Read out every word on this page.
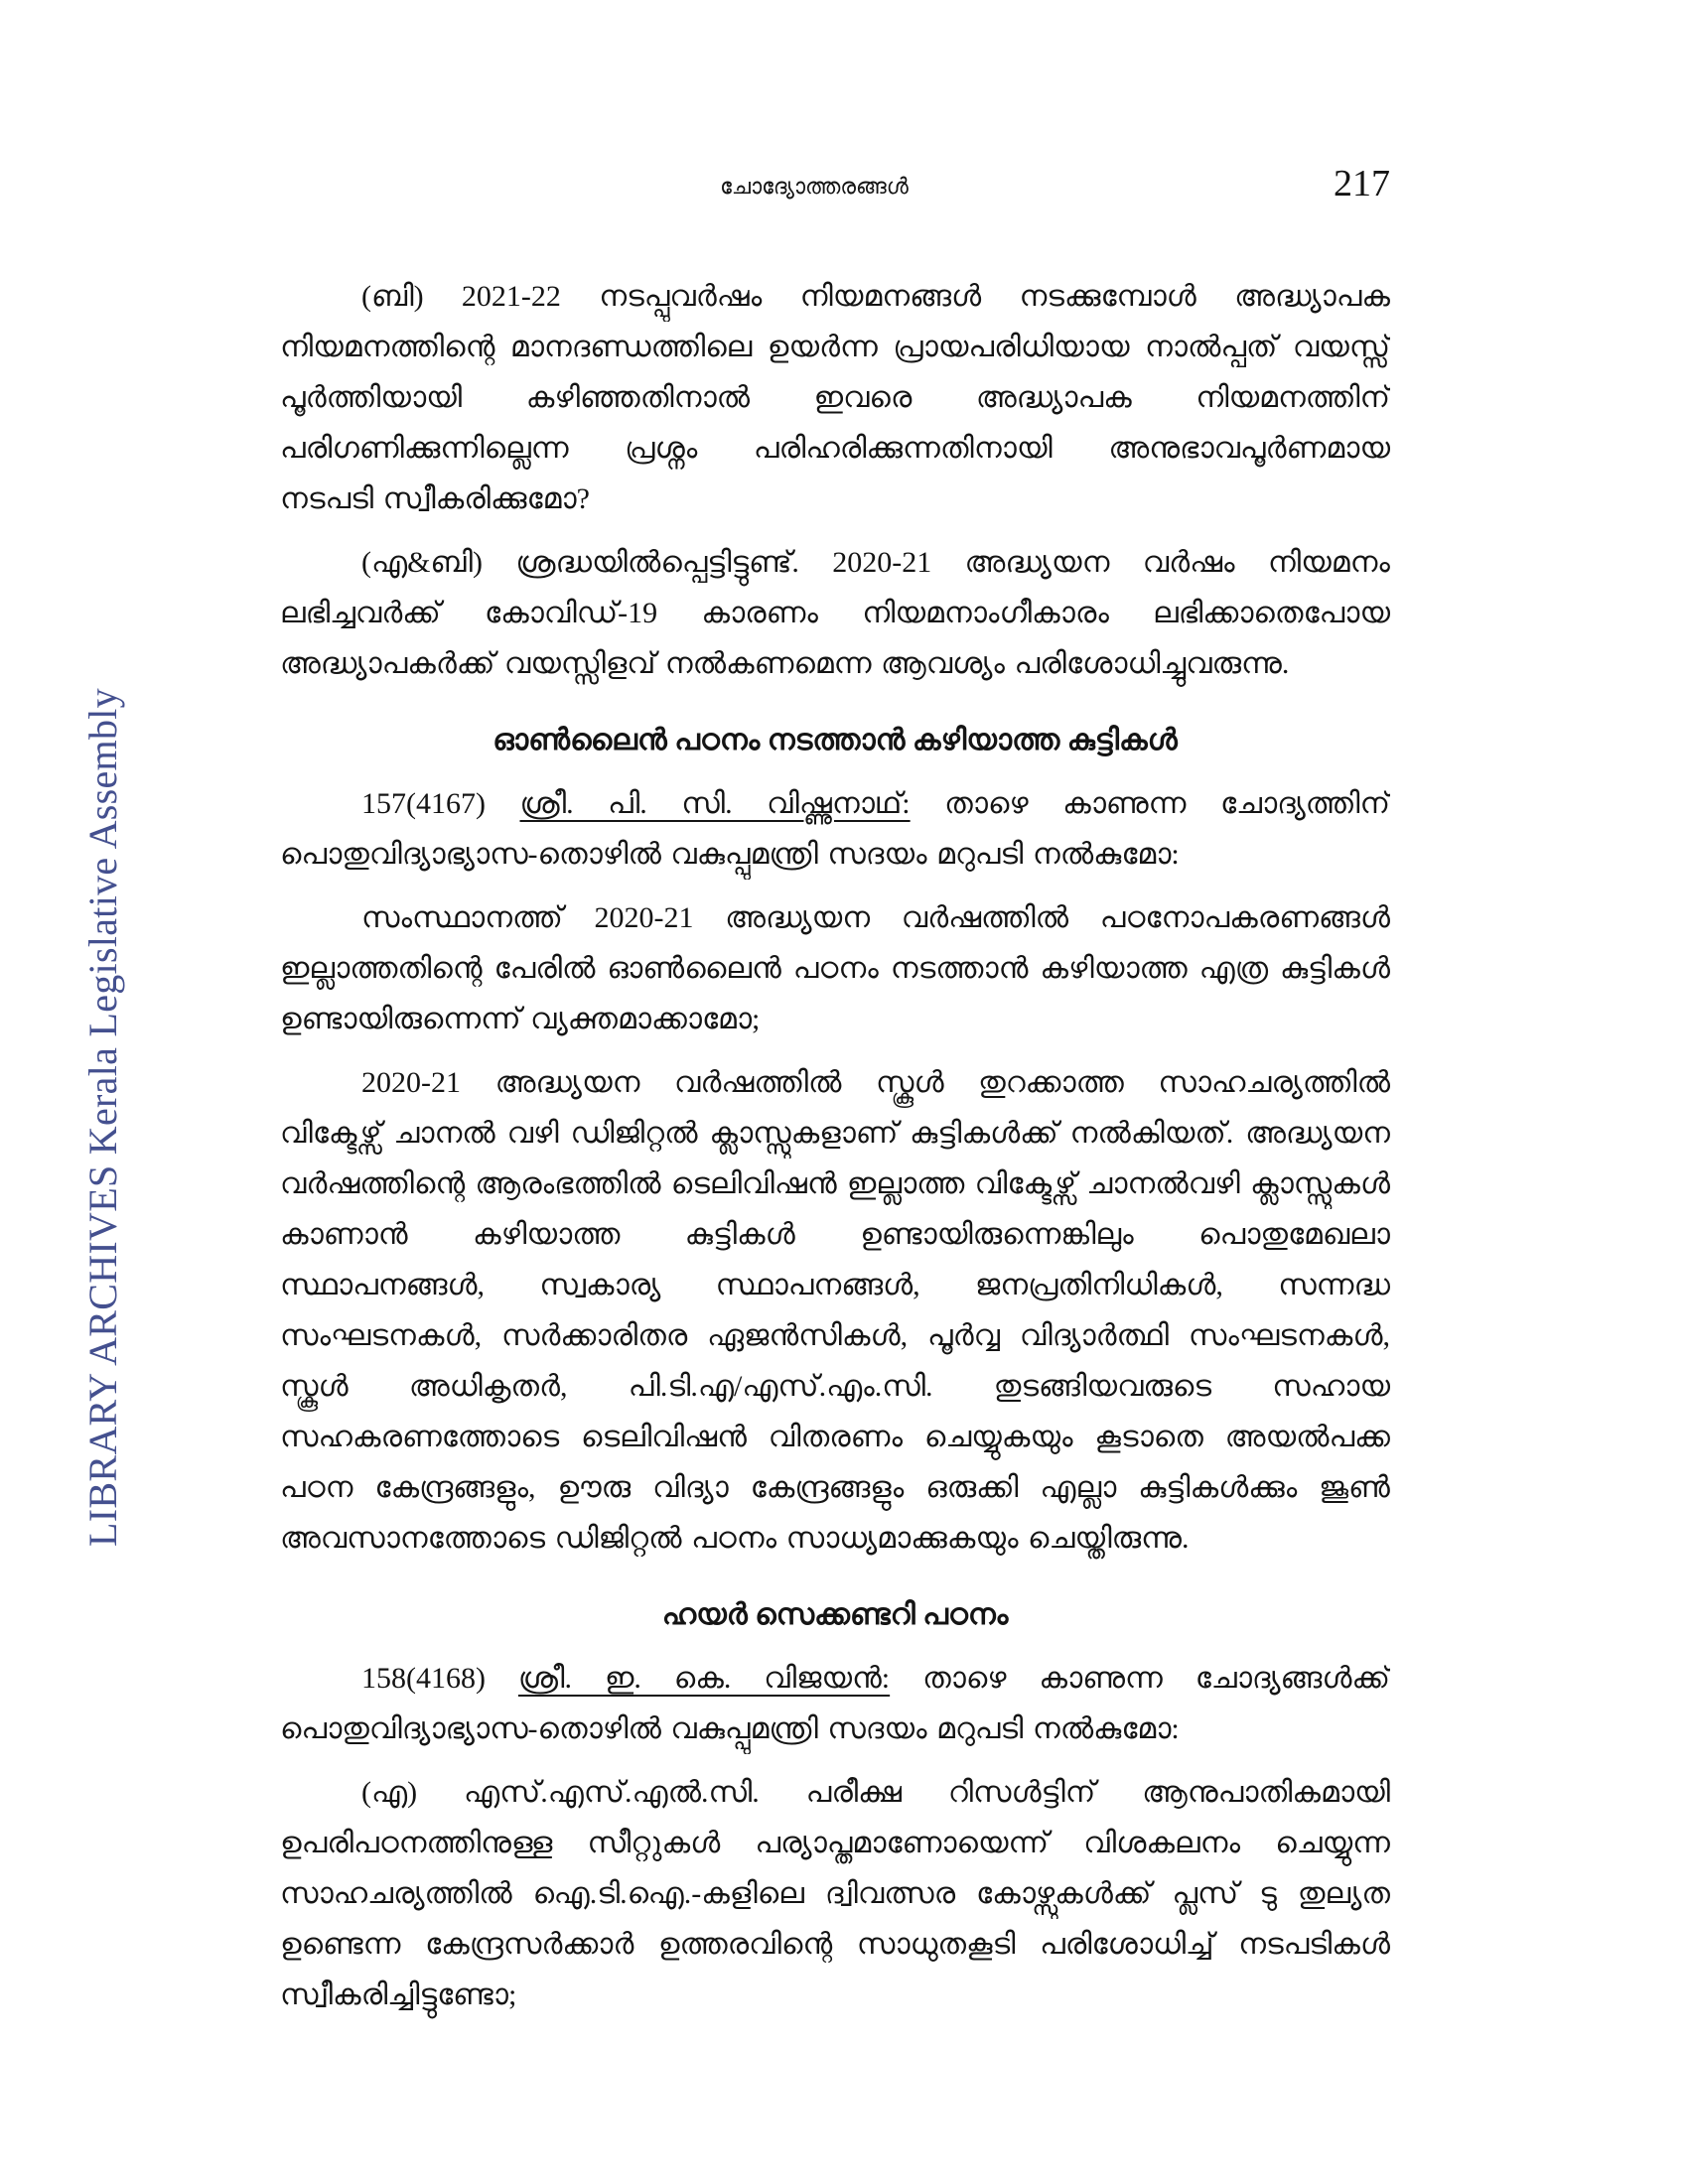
LIBRARY ARCHIVES Kerala Legislative Assembly
ചോദ്യോത്തരങ്ങൾ	217
(ബി) 2021-22 നടപ്പുവർഷം നിയമനങ്ങൾ നടക്കുമ്പോൾ അദ്ധ്യാപക
നിയമനത്തിന്റെ മാനദണ്ഡത്തിലെ ഉയർന്ന പ്രായപരിധിയായ നാൽപ്പത് വയസ്സ്
പൂർത്തിയായി കഴിഞ്ഞതിനാൽ ഇവരെ അദ്ധ്യാപക നിയമനത്തിന്
പരിഗണിക്കുന്നില്ലെന്ന പ്രശ്നം പരിഹരിക്കുന്നതിനായി അനുഭാവപൂർണമായ
നടപടി സ്വീകരിക്കുമോ?
(എ&ബി) ശ്രദ്ധയിൽപ്പെട്ടിട്ടുണ്ട്. 2020-21 അദ്ധ്യയന വർഷം നിയമനം
ലഭിച്ചവർക്ക് കോവിഡ്-19 കാരണം നിയമനാംഗീകാരം ലഭിക്കാതെപോയ
അദ്ധ്യാപകർക്ക് വയസ്സിളവ് നൽകണമെന്ന ആവശ്യം പരിശോധിച്ചുവരുന്നു.
ഓൺലൈൻ പഠനം നടത്താൻ കഴിയാത്ത കുട്ടികൾ
157(4167) ശ്രീ. പി. സി. വിഷ്ണുനാഥ്: താഴെ കാണുന്ന ചോദ്യത്തിന്
പൊതുവിദ്യാഭ്യാസ-തൊഴിൽ വകുപ്പുമന്ത്രി സദയം മറുപടി നൽകുമോ:
സംസ്ഥാനത്ത് 2020-21 അദ്ധ്യയന വർഷത്തിൽ പഠനോപകരണങ്ങൾ
ഇല്ലാത്തതിന്റെ പേരിൽ ഓൺലൈൻ പഠനം നടത്താൻ കഴിയാത്ത എത്ര കുട്ടികൾ
ഉണ്ടായിരുന്നെന്ന് വ്യക്തമാക്കാമോ;
2020-21 അദ്ധ്യയന വർഷത്തിൽ സ്കൂൾ തുറക്കാത്ത സാഹചര്യത്തിൽ
വിക്ടേഴ്സ് ചാനൽ വഴി ഡിജിറ്റൽ ക്ലാസ്സുകളാണ് കുട്ടികൾക്ക് നൽകിയത്. അദ്ധ്യയന
വർഷത്തിന്റെ ആരംഭത്തിൽ ടെലിവിഷൻ ഇല്ലാത്ത വിക്ടേഴ്സ് ചാനൽവഴി ക്ലാസ്സുകൾ
കാണാൻ കഴിയാത്ത കുട്ടികൾ ഉണ്ടായിരുന്നെങ്കിലും പൊതുമേഖലാ
സ്ഥാപനങ്ങൾ, സ്വകാര്യ സ്ഥാപനങ്ങൾ, ജനപ്രതിനിധികൾ, സന്നദ്ധ
സംഘടനകൾ, സർക്കാരിതര ഏജൻസികൾ, പൂർവ്വ വിദ്യാർത്ഥി സംഘടനകൾ,
സ്കൂൾ അധികൃതർ, പി.ടി.എ/എസ്.എം.സി. തുടങ്ങിയവരുടെ സഹായ
സഹകരണത്തോടെ ടെലിവിഷൻ വിതരണം ചെയ്യുകയും കൂടാതെ അയൽപക്ക
പഠന കേന്ദ്രങ്ങളും, ഊരു വിദ്യാ കേന്ദ്രങ്ങളും ഒരുക്കി എല്ലാ കുട്ടികൾക്കും ജൂൺ
അവസാനത്തോടെ ഡിജിറ്റൽ പഠനം സാധ്യമാക്കുകയും ചെയ്തിരുന്നു.
ഹയർ സെക്കണ്ടറി പഠനം
158(4168) ശ്രീ. ഇ. കെ. വിജയൻ: താഴെ കാണുന്ന ചോദ്യങ്ങൾക്ക്
പൊതുവിദ്യാഭ്യാസ-തൊഴിൽ വകുപ്പുമന്ത്രി സദയം മറുപടി നൽകുമോ:
(എ) എസ്.എസ്.എൽ.സി. പരീക്ഷ റിസൾട്ടിന് ആനുപാതികമായി
ഉപരിപഠനത്തിനുള്ള സീറ്റുകൾ പര്യാപ്തമാണോയെന്ന് വിശകലനം ചെയ്യുന്ന
സാഹചര്യത്തിൽ ഐ.ടി.ഐ.-കളിലെ ദ്വിവത്സര കോഴ്സുകൾക്ക് പ്ലസ് ടു തുല്യത
ഉണ്ടെന്ന കേന്ദ്രസർക്കാർ ഉത്തരവിന്റെ സാധുതകൂടി പരിശോധിച്ച് നടപടികൾ
സ്വീകരിച്ചിട്ടുണ്ടോ;
